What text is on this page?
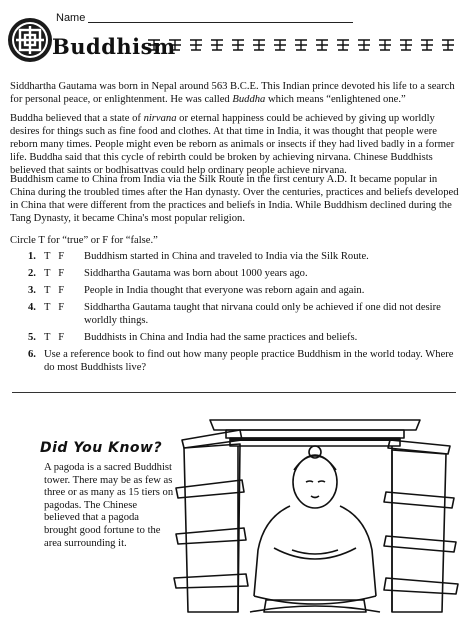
Name
Buddhism

Siddhartha Gautama was born in Nepal around 563 B.C.E. This Indian prince devoted his life to a search for personal peace, or enlightenment. He was called Buddha which means “enlightened one.”

Buddha believed that a state of nirvana or eternal happiness could be achieved by giving up worldly desires for things such as fine food and clothes. At that time in India, it was thought that people were reborn many times. People might even be reborn as animals or insects if they had lived badly in a former life. Buddha said that this cycle of rebirth could be broken by achieving nirvana. Chinese Buddhists believed that saints or bodhisattvas could help ordinary people achieve nirvana.

Buddhism came to China from India via the Silk Route in the first century A.D. It became popular in China during the troubled times after the Han dynasty. Over the centuries, practices and beliefs developed in China that were different from the practices and beliefs in India. While Buddhism declined during the Tang Dynasty, it became China's most popular religion.

Circle T for “true” or F for “false.”
1. T   F Buddhism started in China and traveled to India via the Silk Route.
2. T   F Siddhartha Gautama was born about 1000 years ago.
3. T   F People in India thought that everyone was reborn again and again.
4. T   F Siddhartha Gautama taught that nirvana could only be achieved if one did not desire worldly things.
5. T   F Buddhists in China and India had the same practices and beliefs.
6. Use a reference book to find out how many people practice Buddhism in the world today. Where do most Buddhists live?
Did You Know?
A pagoda is a sacred Buddhist tower. There may be as few as three or as many as 15 tiers on pagodas. The Chinese believed that a pagoda brought good fortune to the area surrounding it.
